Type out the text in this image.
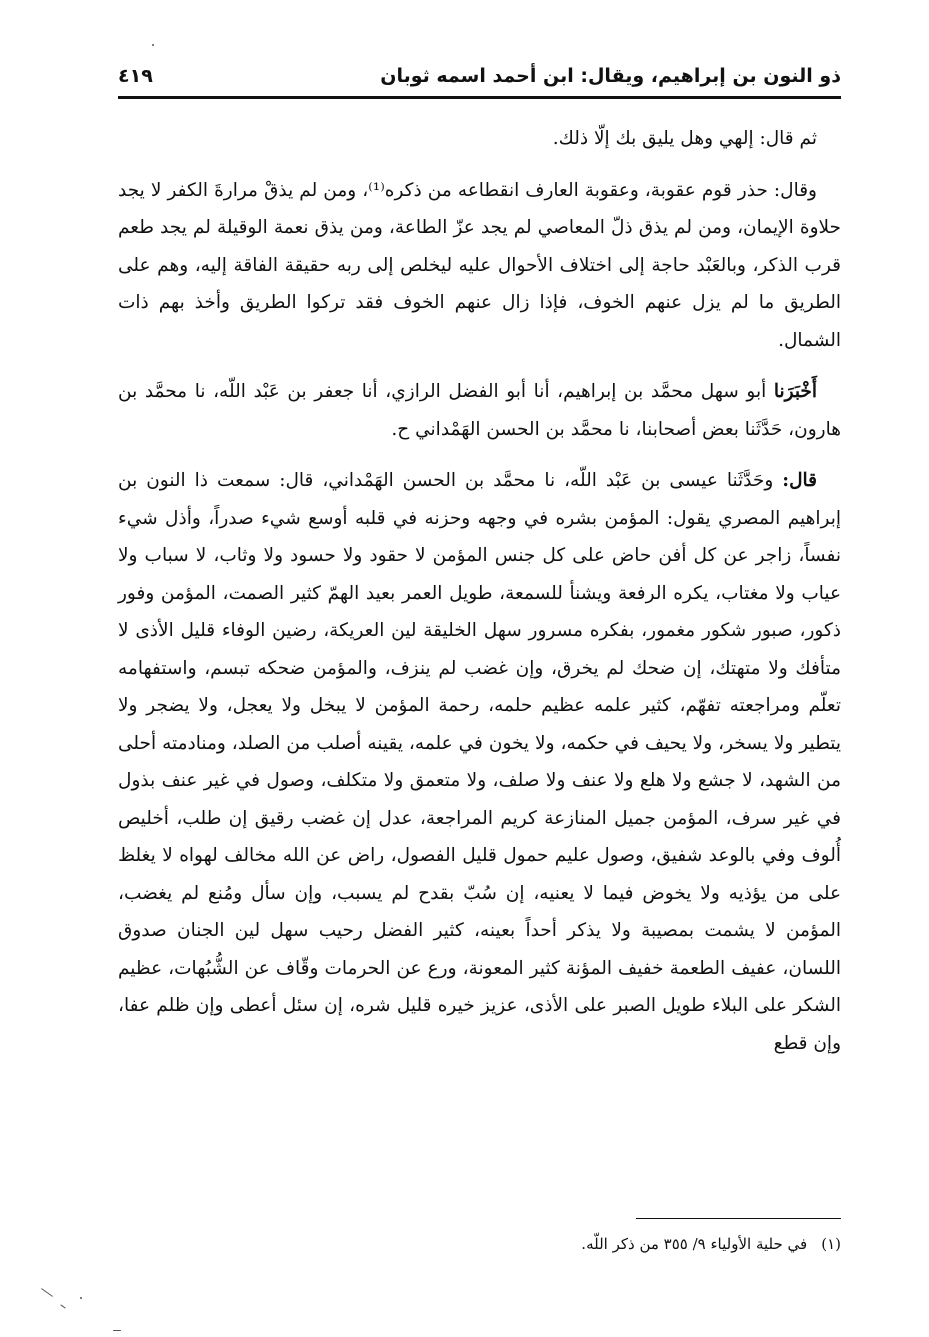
ذو النون بن إبراهيم، ويقال: ابن أحمد اسمه ثوبان
٤١٩

ثم قال: إلهي وهل يليق بك إلّا ذلك.

وقال: حذر قوم عقوبة، وعقوبة العارف انقطاعه من ذكره⁽¹⁾، ومن لم يذقْ مرارةَ الكفر لا يجد حلاوة الإيمان، ومن لم يذق ذلّ المعاصي لم يجد عزّ الطاعة، ومن يذق نعمة الوقيلة لم يجد طعم قرب الذكر، وبالعَبْد حاجة إلى اختلاف الأحوال عليه ليخلص إلى ربه حقيقة الفاقة إليه، وهم على الطريق ما لم يزل عنهم الخوف، فإذا زال عنهم الخوف فقد تركوا الطريق وأخذ بهم ذات الشمال.

أَخْبَرَنا أبو سهل محمَّد بن إبراهيم، أنا أبو الفضل الرازي، أنا جعفر بن عَبْد اللّه، نا محمَّد بن هارون، حَدَّثَنا بعض أصحابنا، نا محمَّد بن الحسن الهَمْداني ح.

قال: وحَدَّثَنا عيسى بن عَبْد اللّه، نا محمَّد بن الحسن الهَمْداني، قال: سمعت ذا النون بن إبراهيم المصري يقول: المؤمن بشره في وجهه وحزنه في قلبه أوسع شيء صدراً، وأذل شيء نفساً، زاجر عن كل أفن حاض على كل جنس المؤمن لا حقود ولا حسود ولا وثاب، لا سباب ولا عياب ولا مغتاب، يكره الرفعة ويشنأ للسمعة، طويل العمر بعيد الهمّ كثير الصمت، المؤمن وفور ذكور، صبور شكور مغمور، بفكره مسرور سهل الخليقة لين العريكة، رضين الوفاء قليل الأذى لا متأفك ولا متهتك، إن ضحك لم يخرق، وإن غضب لم ينزف، والمؤمن ضحكه تبسم، واستفهامه تعلّم ومراجعته تفهّم، كثير علمه عظيم حلمه، رحمة المؤمن لا يبخل ولا يعجل، ولا يضجر ولا يتطير ولا يسخر، ولا يحيف في حكمه، ولا يخون في علمه، يقينه أصلب من الصلد، ومنادمته أحلى من الشهد، لا جشع ولا هلع ولا عنف ولا صلف، ولا متعمق ولا متكلف، وصول في غير عنف بذول في غير سرف، المؤمن جميل المنازعة كريم المراجعة، عدل إن غضب رقيق إن طلب، أخليص أُلوف وفي بالوعد شفيق، وصول عليم حمول قليل الفصول، راض عن الله مخالف لهواه لا يغلظ على من يؤذيه ولا يخوض فيما لا يعنيه، إن سُبّ بقدح لم يسبب، وإن سأل ومُنع لم يغضب، المؤمن لا يشمت بمصيبة ولا يذكر أحداً بعينه، كثير الفضل رحيب سهل لين الجنان صدوق اللسان، عفيف الطعمة خفيف المؤنة كثير المعونة، ورع عن الحرمات وقّاف عن الشُّبُهات، عظيم الشكر على البلاء طويل الصبر على الأذى، عزيز خيره قليل شره، إن سئل أعطى وإن ظلم عفا، وإن قطع

(١)في حلية الأولياء ٩/ ٣٥٥ من ذكر اللّه.
